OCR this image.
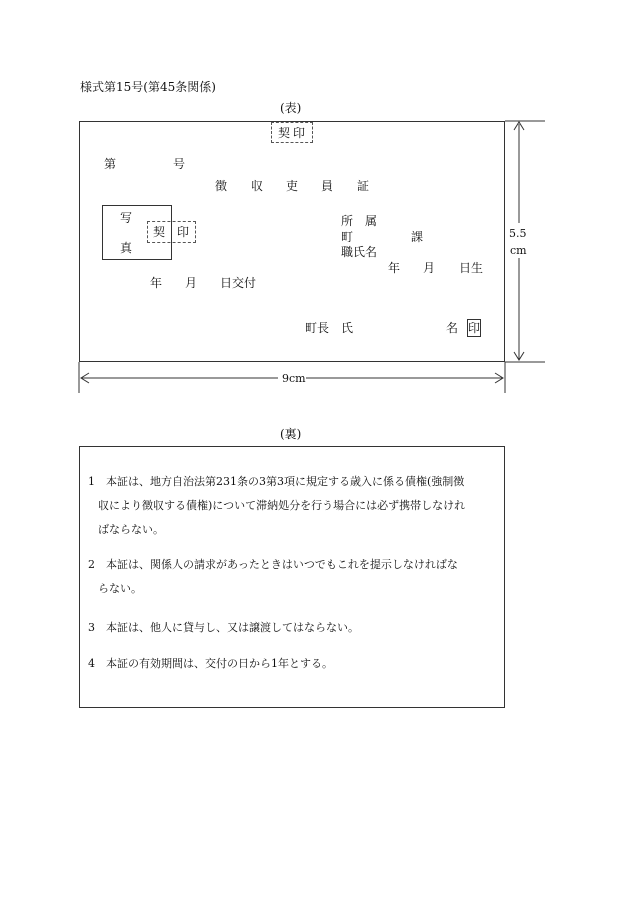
様式第15号(第45条関係)
(表)
契印
第	号
徴 収 吏 員 証
写
真
契　印
所　属
町	課
職氏名
年 月 日生
年 月 日交付
町長　氏	名 印
5.5
cm
9cm
(裏)
1 本証は、地方自治法第231条の3第3項に規定する歳入に係る債権(強制徴
収により徴収する債権)について滞納処分を行う場合には必ず携帯しなけれ
ばならない。
2 本証は、関係人の請求があったときはいつでもこれを提示しなければな
らない。
3 本証は、他人に貸与し、又は譲渡してはならない。
4 本証の有効期間は、交付の日から1年とする。
